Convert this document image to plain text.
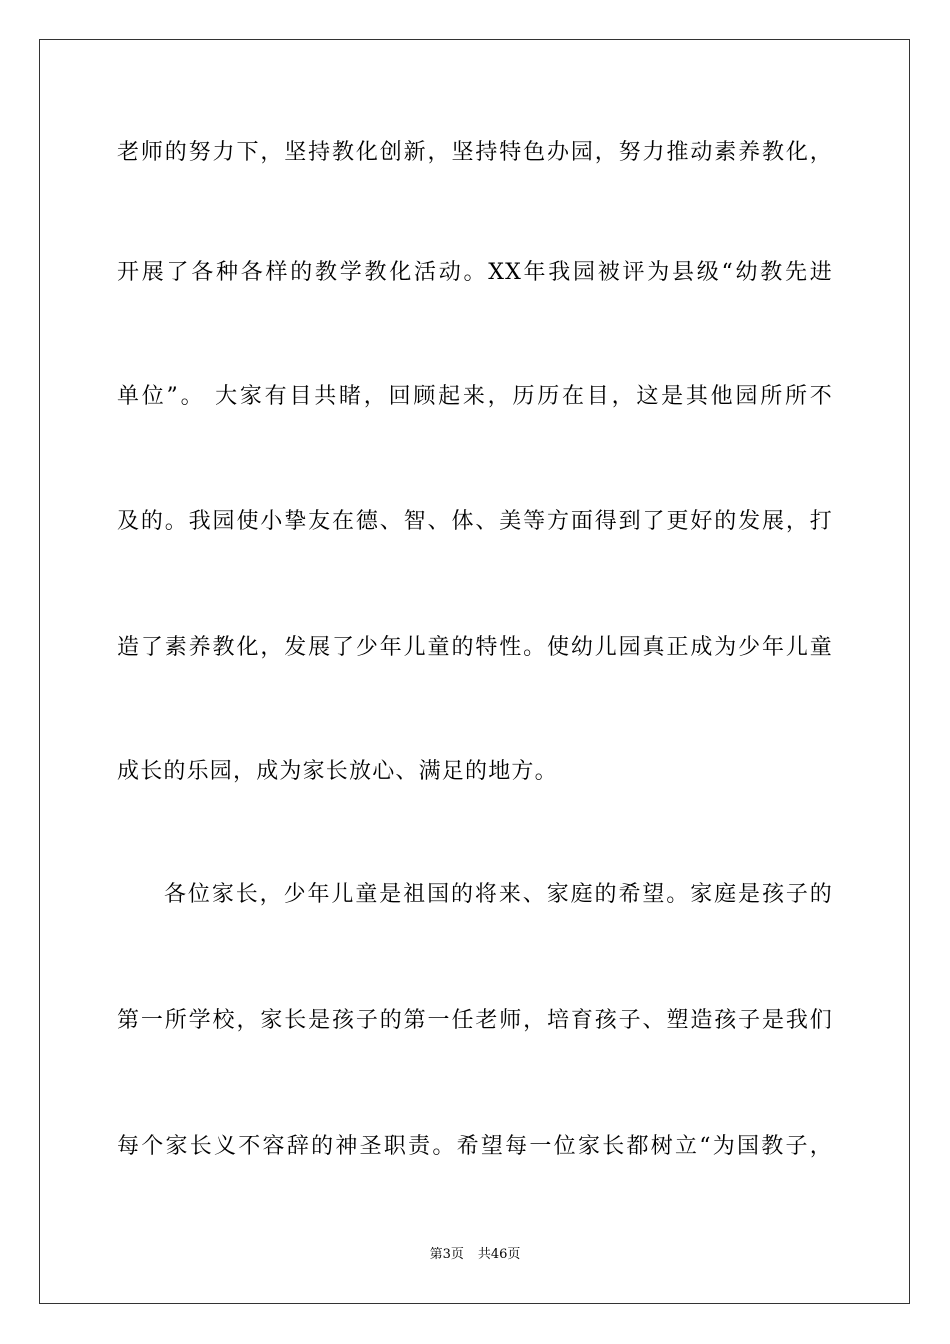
老师的努力下，坚持教化创新，坚持特色办园，努力推动素养教化，
开展了各种各样的教学教化活动。XX年我园被评为县级“幼教先进
单位”。 大家有目共睹，回顾起来，历历在目，这是其他园所所不
及的。我园使小挚友在德、智、体、美等方面得到了更好的发展，打
造了素养教化，发展了少年儿童的特性。使幼儿园真正成为少年儿童
成长的乐园，成为家长放心、满足的地方。
各位家长，少年儿童是祖国的将来、家庭的希望。家庭是孩子的
第一所学校，家长是孩子的第一任老师，培育孩子、塑造孩子是我们
每个家长义不容辞的神圣职责。希望每一位家长都树立“为国教子，
第3页 共46页
